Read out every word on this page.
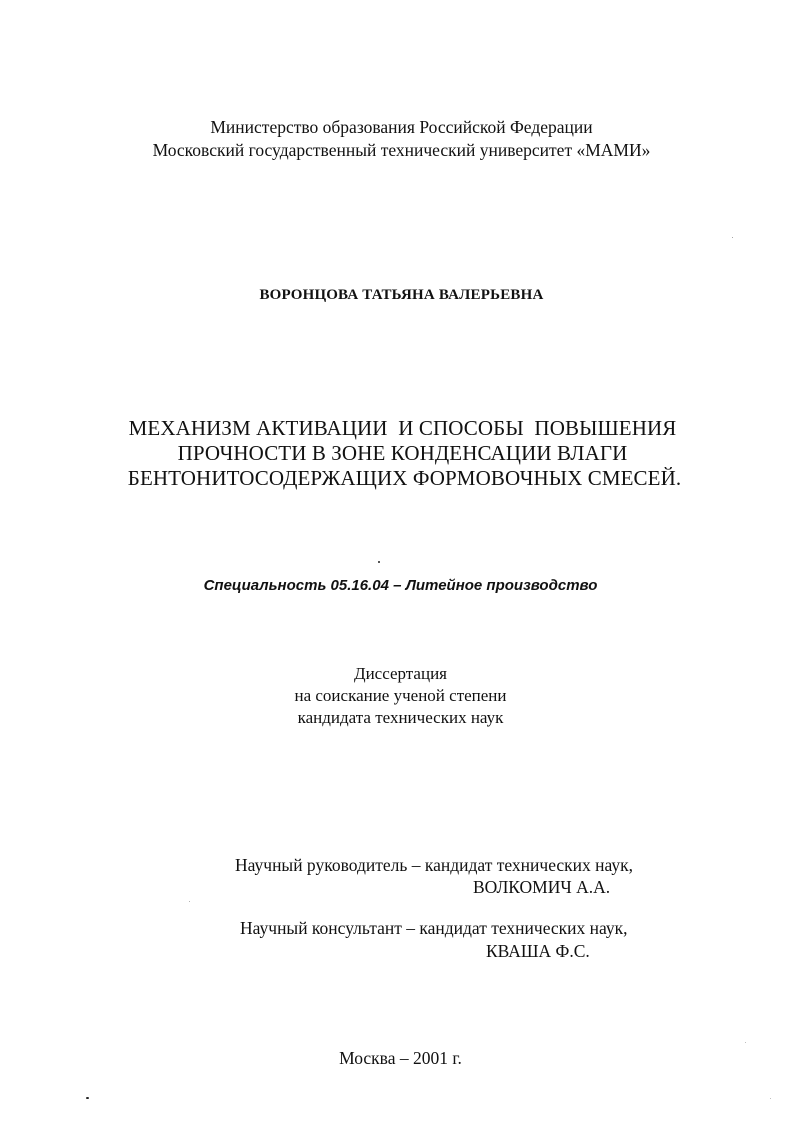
Министерство образования Российской Федерации
Московский государственный технический университет «МАМИ»
ВОРОНЦОВА ТАТЬЯНА ВАЛЕРЬЕВНА
МЕХАНИЗМ АКТИВАЦИИ  И СПОСОБЫ  ПОВЫШЕНИЯ
ПРОЧНОСТИ В ЗОНЕ КОНДЕНСАЦИИ ВЛАГИ
БЕНТОНИТОСОДЕРЖАЩИХ ФОРМОВОЧНЫХ СМЕСЕЙ.
Специальность 05.16.04 – Литейное производство
Диссертация
на соискание ученой степени
кандидата технических наук
Научный руководитель – кандидат технических наук,
ВОЛКОМИЧ А.А.
Научный консультант – кандидат технических наук,
КВАША Ф.С.
Москва – 2001 г.
